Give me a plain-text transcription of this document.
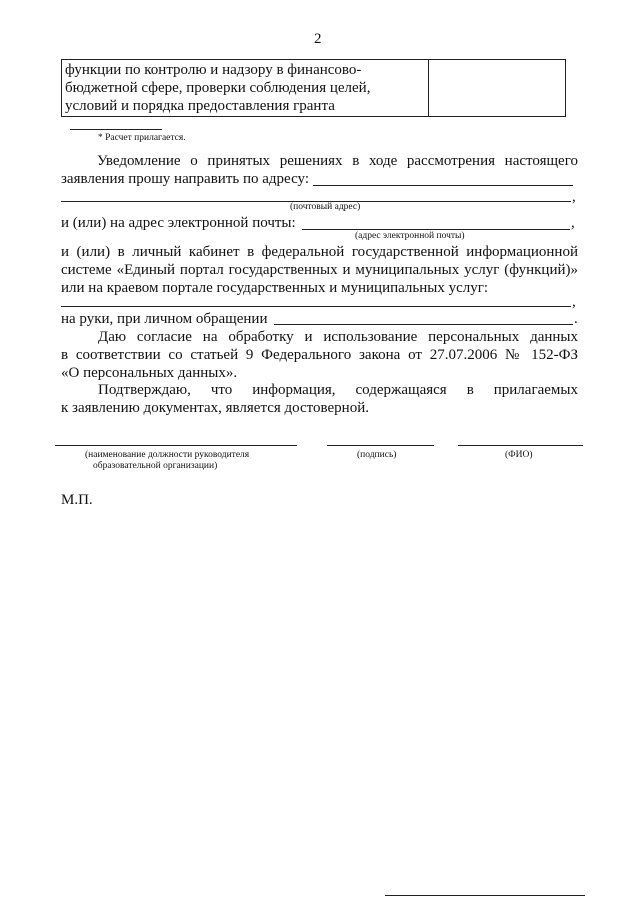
2
функции по контролю и надзору в финансово-
бюджетной сфере, проверки соблюдения целей,
условий и порядка предоставления гранта

* Расчет прилагается.
Уведомление о принятых решениях в ходе рассмотрения настоящего
заявления прошу направить по адресу:
,
(почтовый адрес)
и (или) на адрес электронной почты:	,
(адрес электронной почты)
и (или) в личный кабинет в федеральной государственной информационной
системе «Единый портал государственных и муниципальных услуг (функций)»
или на краевом портале государственных и муниципальных услуг:
,
на руки, при личном обращении	.
Даю согласие на обработку и использование персональных данных
в соответствии со статьей 9 Федерального закона от 27.07.2006 № 152-ФЗ
«О персональных данных».
Подтверждаю, что информация, содержащаяся в прилагаемых
к заявлению документах, является достоверной.
(наименование должности руководителя
образовательной организации)
(подпись)	(ФИО)
М.П.
